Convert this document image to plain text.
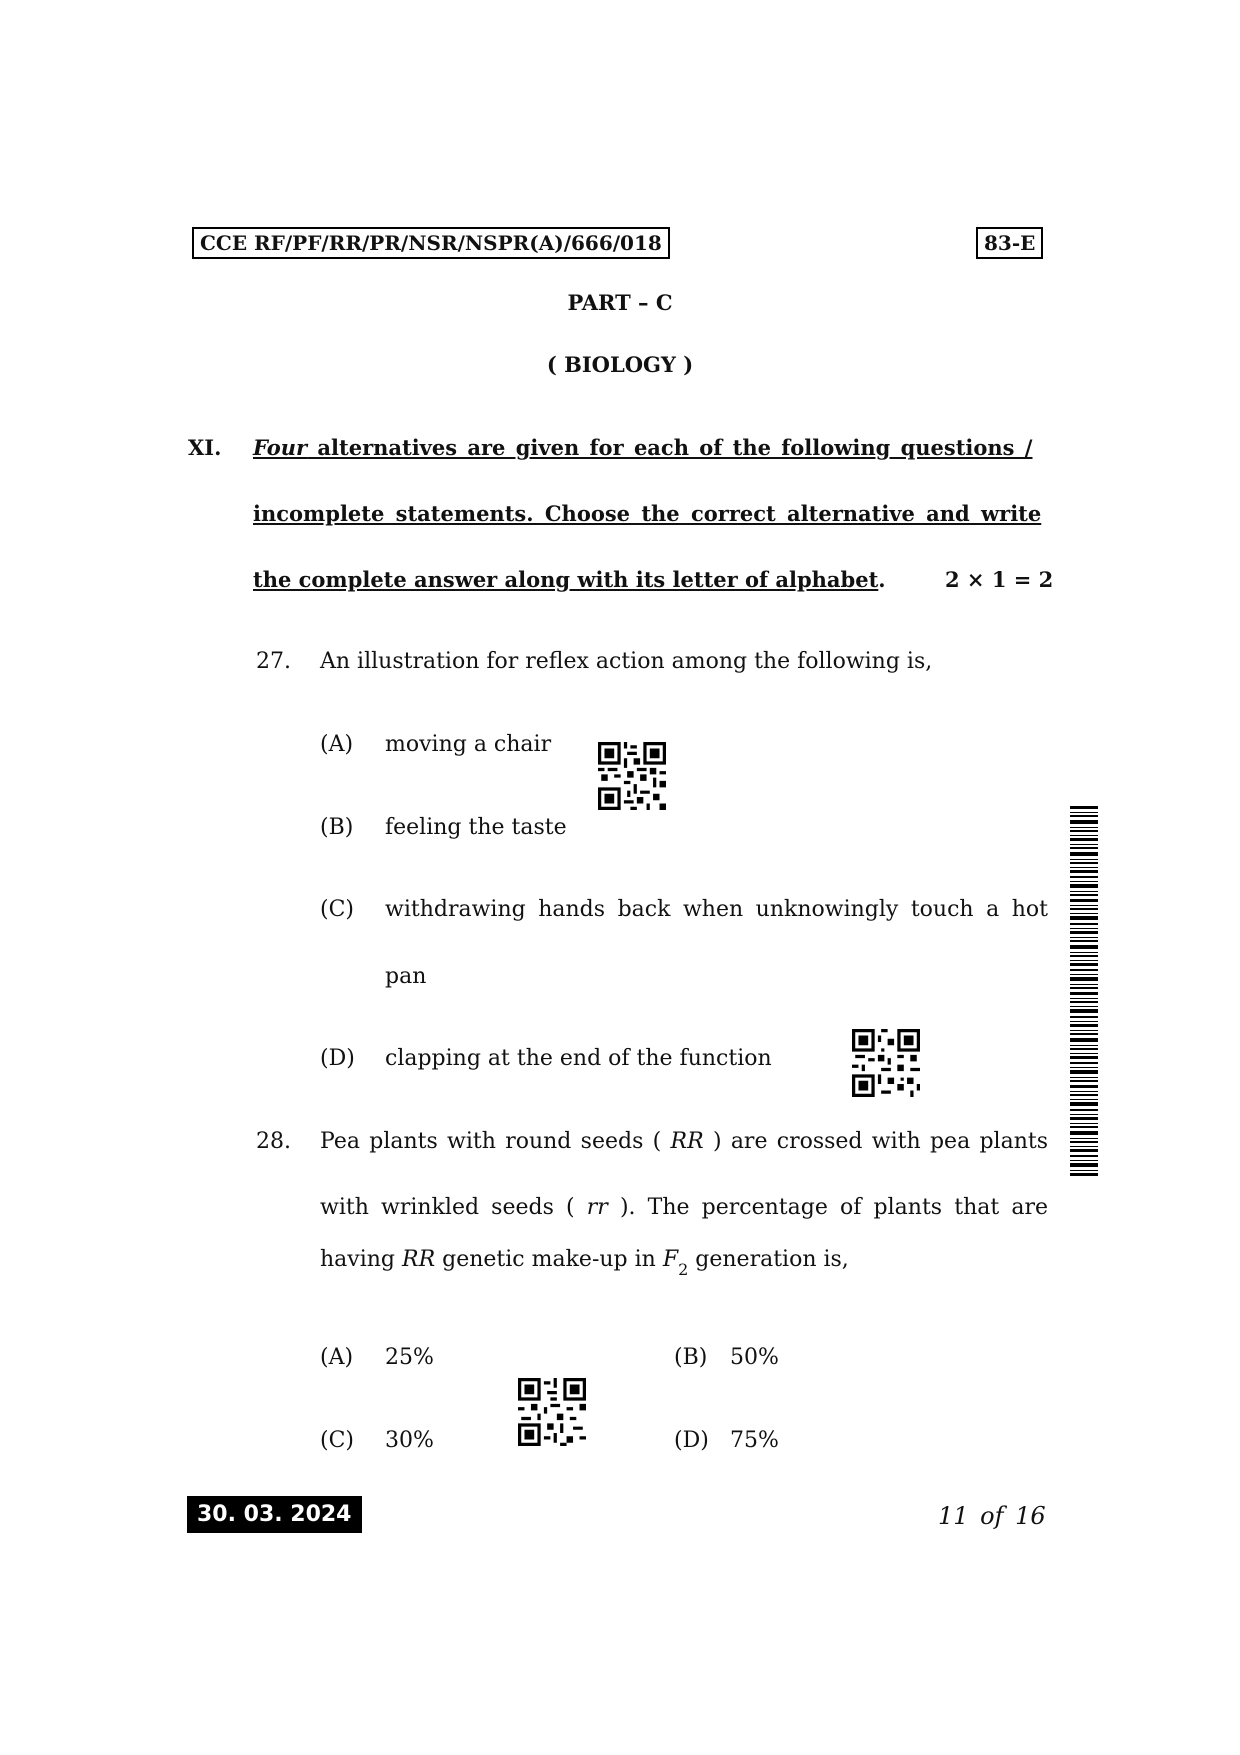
CCE RF/PF/RR/PR/NSR/NSPR(A)/666/018	83-E
PART – C
( BIOLOGY )
XI. Four alternatives are given for each of the following questions /
incomplete statements. Choose the correct alternative and write
the complete answer along with its letter of alphabet.	2 × 1 = 2
27. An illustration for reflex action among the following is,
(A) moving a chair
(B) feeling the taste
(C) withdrawing hands back when unknowingly touch a hot
pan
(D) clapping at the end of the function
28. Pea plants with round seeds ( RR ) are crossed with pea plants
with wrinkled seeds ( rr ). The percentage of plants that are
having RR genetic make-up in $F_2$ generation is,
(A) 25%	(B) 50%
(C) 30%	(D) 75%
30. 03. 2024	11 of 16
